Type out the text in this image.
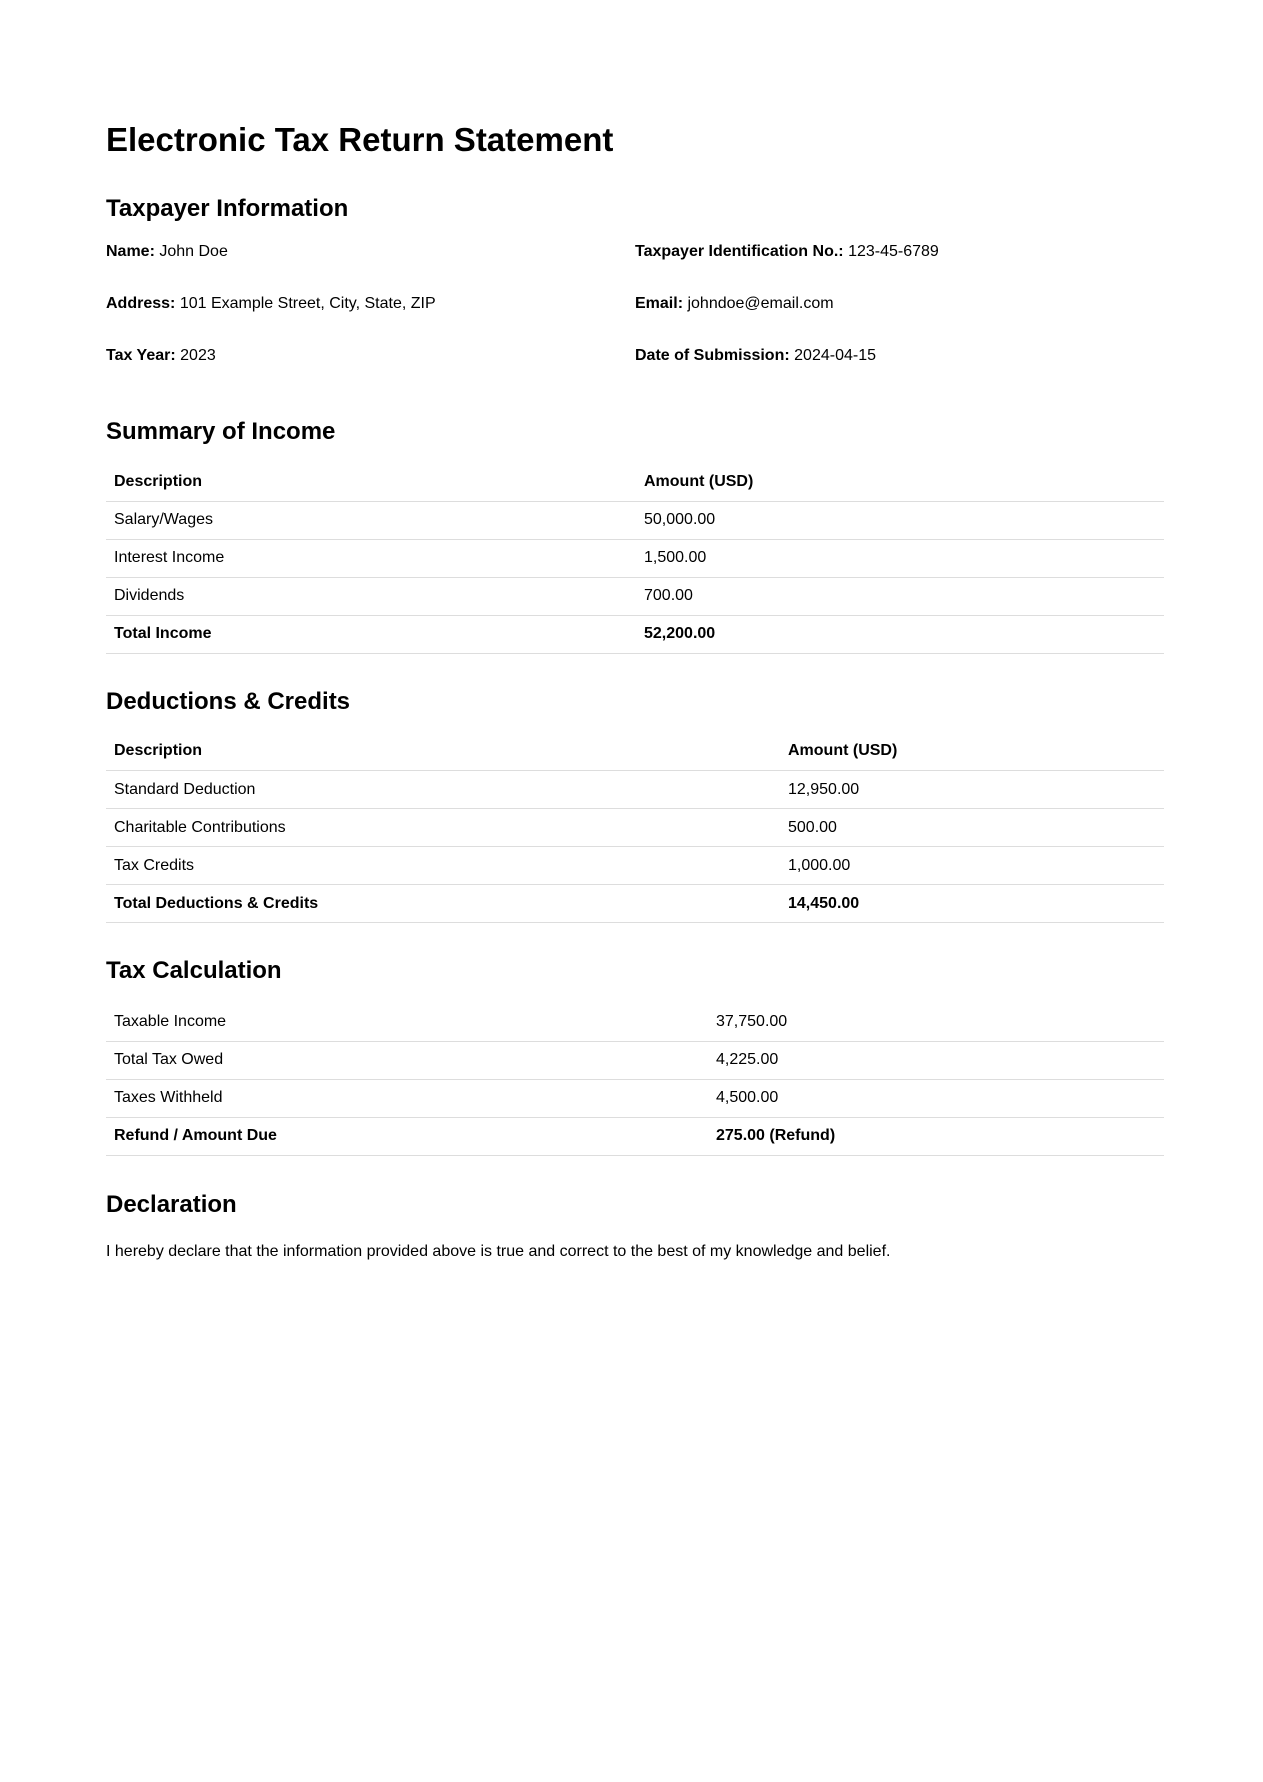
Electronic Tax Return Statement
Taxpayer Information
Name: John Doe	Taxpayer Identification No.: 123-45-6789
Address: 101 Example Street, City, State, ZIP	Email: johndoe@email.com
Tax Year: 2023	Date of Submission: 2024-04-15
Summary of Income
Description	Amount (USD)
Salary/Wages	50,000.00
Interest Income	1,500.00
Dividends	700.00
Total Income	52,200.00
Deductions & Credits
Description	Amount (USD)
Standard Deduction	12,950.00
Charitable Contributions	500.00
Tax Credits	1,000.00
Total Deductions & Credits	14,450.00
Tax Calculation
Taxable Income	37,750.00
Total Tax Owed	4,225.00
Taxes Withheld	4,500.00
Refund / Amount Due	275.00 (Refund)
Declaration

I hereby declare that the information provided above is true and correct to the best of my knowledge and belief.
